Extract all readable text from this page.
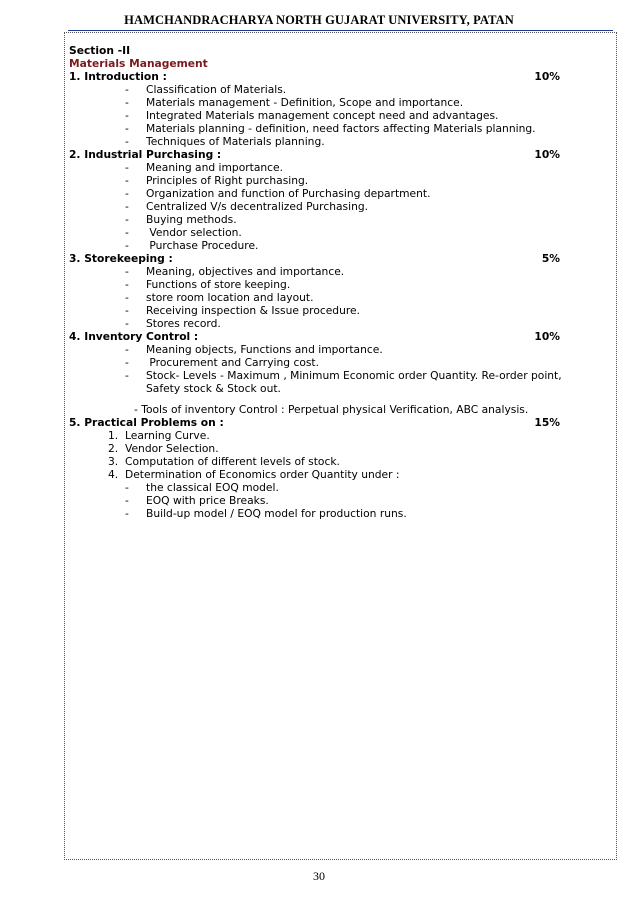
HAMCHANDRACHARYA NORTH GUJARAT UNIVERSITY, PATAN
Section -II
Materials Management
1. Introduction :	10%
- Classification of Materials.
- Materials management - Definition, Scope and importance.
- Integrated Materials management concept need and advantages.
- Materials planning - definition, need factors affecting Materials planning.
- Techniques of Materials planning.
2. Industrial Purchasing :	10%
- Meaning and importance.
- Principles of Right purchasing.
- Organization and function of Purchasing department.
- Centralized V/s decentralized Purchasing.
- Buying methods.
- Vendor selection.
- Purchase Procedure.
3. Storekeeping :	5%
- Meaning, objectives and importance.
- Functions of store keeping.
- store room location and layout.
- Receiving inspection & Issue procedure.
- Stores record.
4. Inventory Control :	10%
- Meaning objects, Functions and importance.
- Procurement and Carrying cost.
- Stock- Levels - Maximum , Minimum Economic order Quantity. Re-order point, Safety stock & Stock out.
- Tools of inventory Control : Perpetual physical Verification, ABC analysis.
5. Practical Problems on :	15%
1. Learning Curve.
2. Vendor Selection.
3. Computation of different levels of stock.
4. Determination of Economics order Quantity under :
- the classical EOQ model.
- EOQ with price Breaks.
- Build-up model / EOQ model for production runs.
30
